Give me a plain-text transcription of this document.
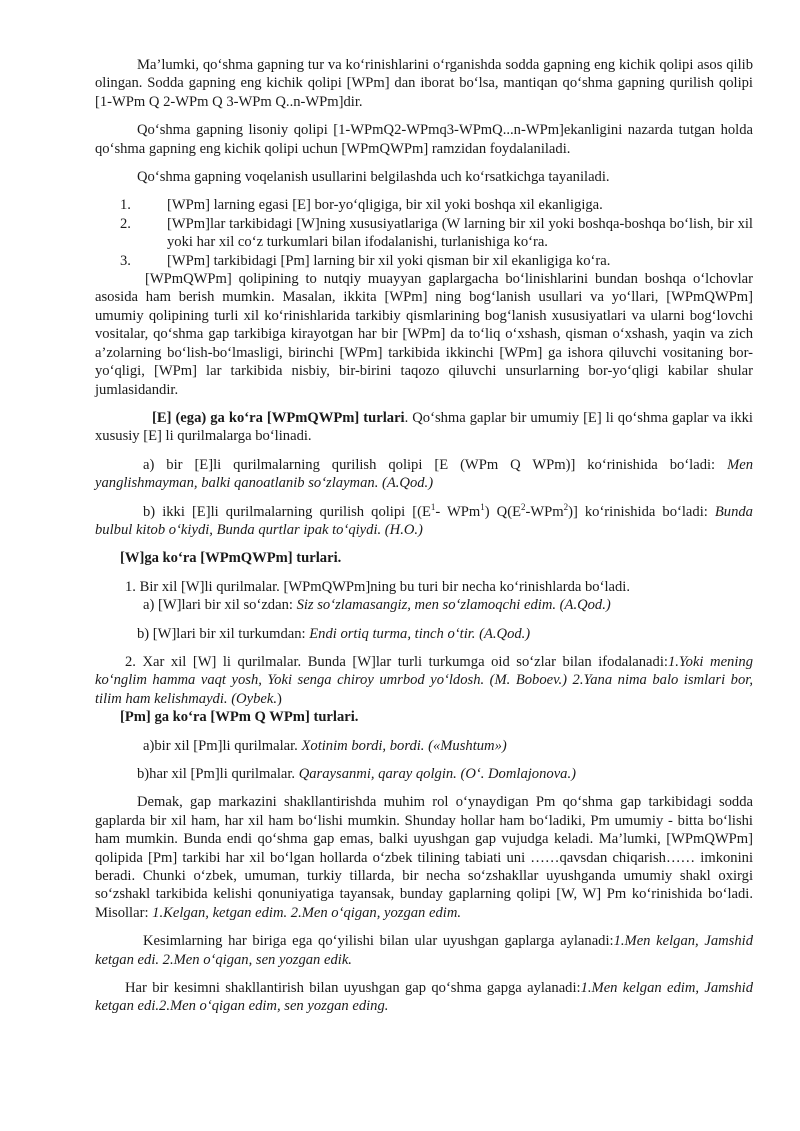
Ma’lumki, qo‘shma gapning tur va ko‘rinishlarini o‘rganishda sodda gapning eng kichik qolipi asos qilib olingan. Sodda gapning eng kichik qolipi [WPm] dan iborat bo‘lsa, mantiqan qo‘shma gapning qurilish qolipi [1-WPm Q 2-WPm Q 3-WPm Q..n-WPm]dir.

Qo‘shma gapning lisoniy qolipi [1-WPmQ2-WPmq3-WPmQ...n-WPm]ekanligini nazarda tutgan holda qo‘shma gapning eng kichik qolipi uchun [WPmQWPm] ramzidan foydalaniladi.

Qo‘shma gapning voqelanish usullarini belgilashda uch ko‘rsatkichga tayaniladi.

1. [WPm] larning egasi [E] bor-yo‘qligiga, bir xil yoki boshqa xil ekanligiga.
2. [WPm]lar tarkibidagi [W]ning xususiyatlariga (W larning bir xil yoki boshqa-boshqa bo‘lish, bir xil yoki har xil co‘z turkumlari bilan ifodalanishi, turlanishiga ko‘ra.
3. [WPm] tarkibidagi [Pm] larning bir xil yoki qisman bir xil ekanligiga ko‘ra.

[WPmQWPm] qolipining to nutqiy muayyan gaplargacha bo‘linishlarini bundan boshqa o‘lchovlar asosida ham berish mumkin. Masalan, ikkita [WPm] ning bog‘lanish usullari va yo‘llari, [WPmQWPm] umumiy qolipining turli xil ko‘rinishlarida tarkibiy qismlarining bog‘lanish xususiyatlari va ularni bog‘lovchi vositalar, qo‘shma gap tarkibiga kirayotgan har bir [WPm] da to‘liq o‘xshash, qisman o‘xshash, yaqin va zich a’zolarning bo‘lish-bo‘lmasligi, birinchi [WPm] tarkibida ikkinchi [WPm] ga ishora qiluvchi vositaning bor-yo‘qligi, [WPm] lar tarkibida nisbiy, bir-birini taqozo qiluvchi unsurlarning bor-yo‘qligi kabilar shular jumlasidandir.

[E] (ega) ga ko‘ra [WPmQWPm] turlari. Qo‘shma gaplar bir umumiy [E] li qo‘shma gaplar va ikki xususiy [E] li qurilmalarga bo‘linadi.

a) bir [E]li qurilmalarning qurilish qolipi [E (WPm Q WPm)] ko‘rinishida bo‘ladi: Men yanglishmayman, balki qanoatlanib so‘zlayman. (A.Qod.)

b) ikki [E]li qurilmalarning qurilish qolipi [($E^1-$ WPm$^1$) $Q(E^2-WPm^2)$] ko‘rinishida bo‘ladi: Bunda bulbul kitob o‘kiydi, Bunda qurtlar ipak to‘qiydi. (H.O.)

[W]ga ko‘ra [WPmQWPm] turlari.

1. Bir xil [W]li qurilmalar. [WPmQWPm]ning bu turi bir necha ko‘rinishlarda bo‘ladi.

a) [W]lari bir xil so‘zdan: Siz so‘zlamasangiz, men so‘zlamoqchi edim. (A.Qod.)

b) [W]lari bir xil turkumdan: Endi ortiq turma, tinch o‘tir. (A.Qod.)

2. Xar xil [W] li qurilmalar. Bunda [W]lar turli turkumga oid so‘zlar bilan ifodalanadi:1.Yoki mening ko‘nglim hamma vaqt yosh, Yoki senga chiroy umrbod yo‘ldosh. (M. Boboev.) 2.Yana nima balo ismlari bor, tilim ham kelishmaydi. (Oybek.)

[Pm] ga ko‘ra [WPm Q WPm] turlari.

a)bir xil [Pm]li qurilmalar. Xotinim bordi, bordi. («Mushtum»)

b)har xil [Pm]li qurilmalar. Qaraysanmi, qaray qolgin. (O‘. Domlajonova.)

Demak, gap markazini shakllantirishda muhim rol o‘ynaydigan Pm qo‘shma gap tarkibidagi sodda gaplarda bir xil ham, har xil ham bo‘lishi mumkin. Shunday hollar ham bo‘ladiki, Pm umumiy - bitta bo‘lishi ham mumkin. Bunda endi qo‘shma gap emas, balki uyushgan gap vujudga keladi. Ma’lumki, [WPmQWPm] qolipida [Pm] tarkibi har xil bo‘lgan hollarda o‘zbek tilining tabiati uni ……qavsdan chiqarish…… imkonini beradi. Chunki o‘zbek, umuman, turkiy tillarda, bir necha so‘zshakllar uyushganda umumiy shakl oxirgi so‘zshakl tarkibida kelishi qonuniyatiga tayansak, bunday gaplarning qolipi [W, W] Pm ko‘rinishida bo‘ladi. Misollar: 1.Kelgan, ketgan edim. 2.Men o‘qigan, yozgan edim.

Kesimlarning har biriga ega qo‘yilishi bilan ular uyushgan gaplarga aylanadi:1.Men kelgan, Jamshid ketgan edi. 2.Men o‘qigan, sen yozgan edik.

Har bir kesimni shakllantirish bilan uyushgan gap qo‘shma gapga aylanadi:1.Men kelgan edim, Jamshid ketgan edi.2.Men o‘qigan edim, sen yozgan eding.
